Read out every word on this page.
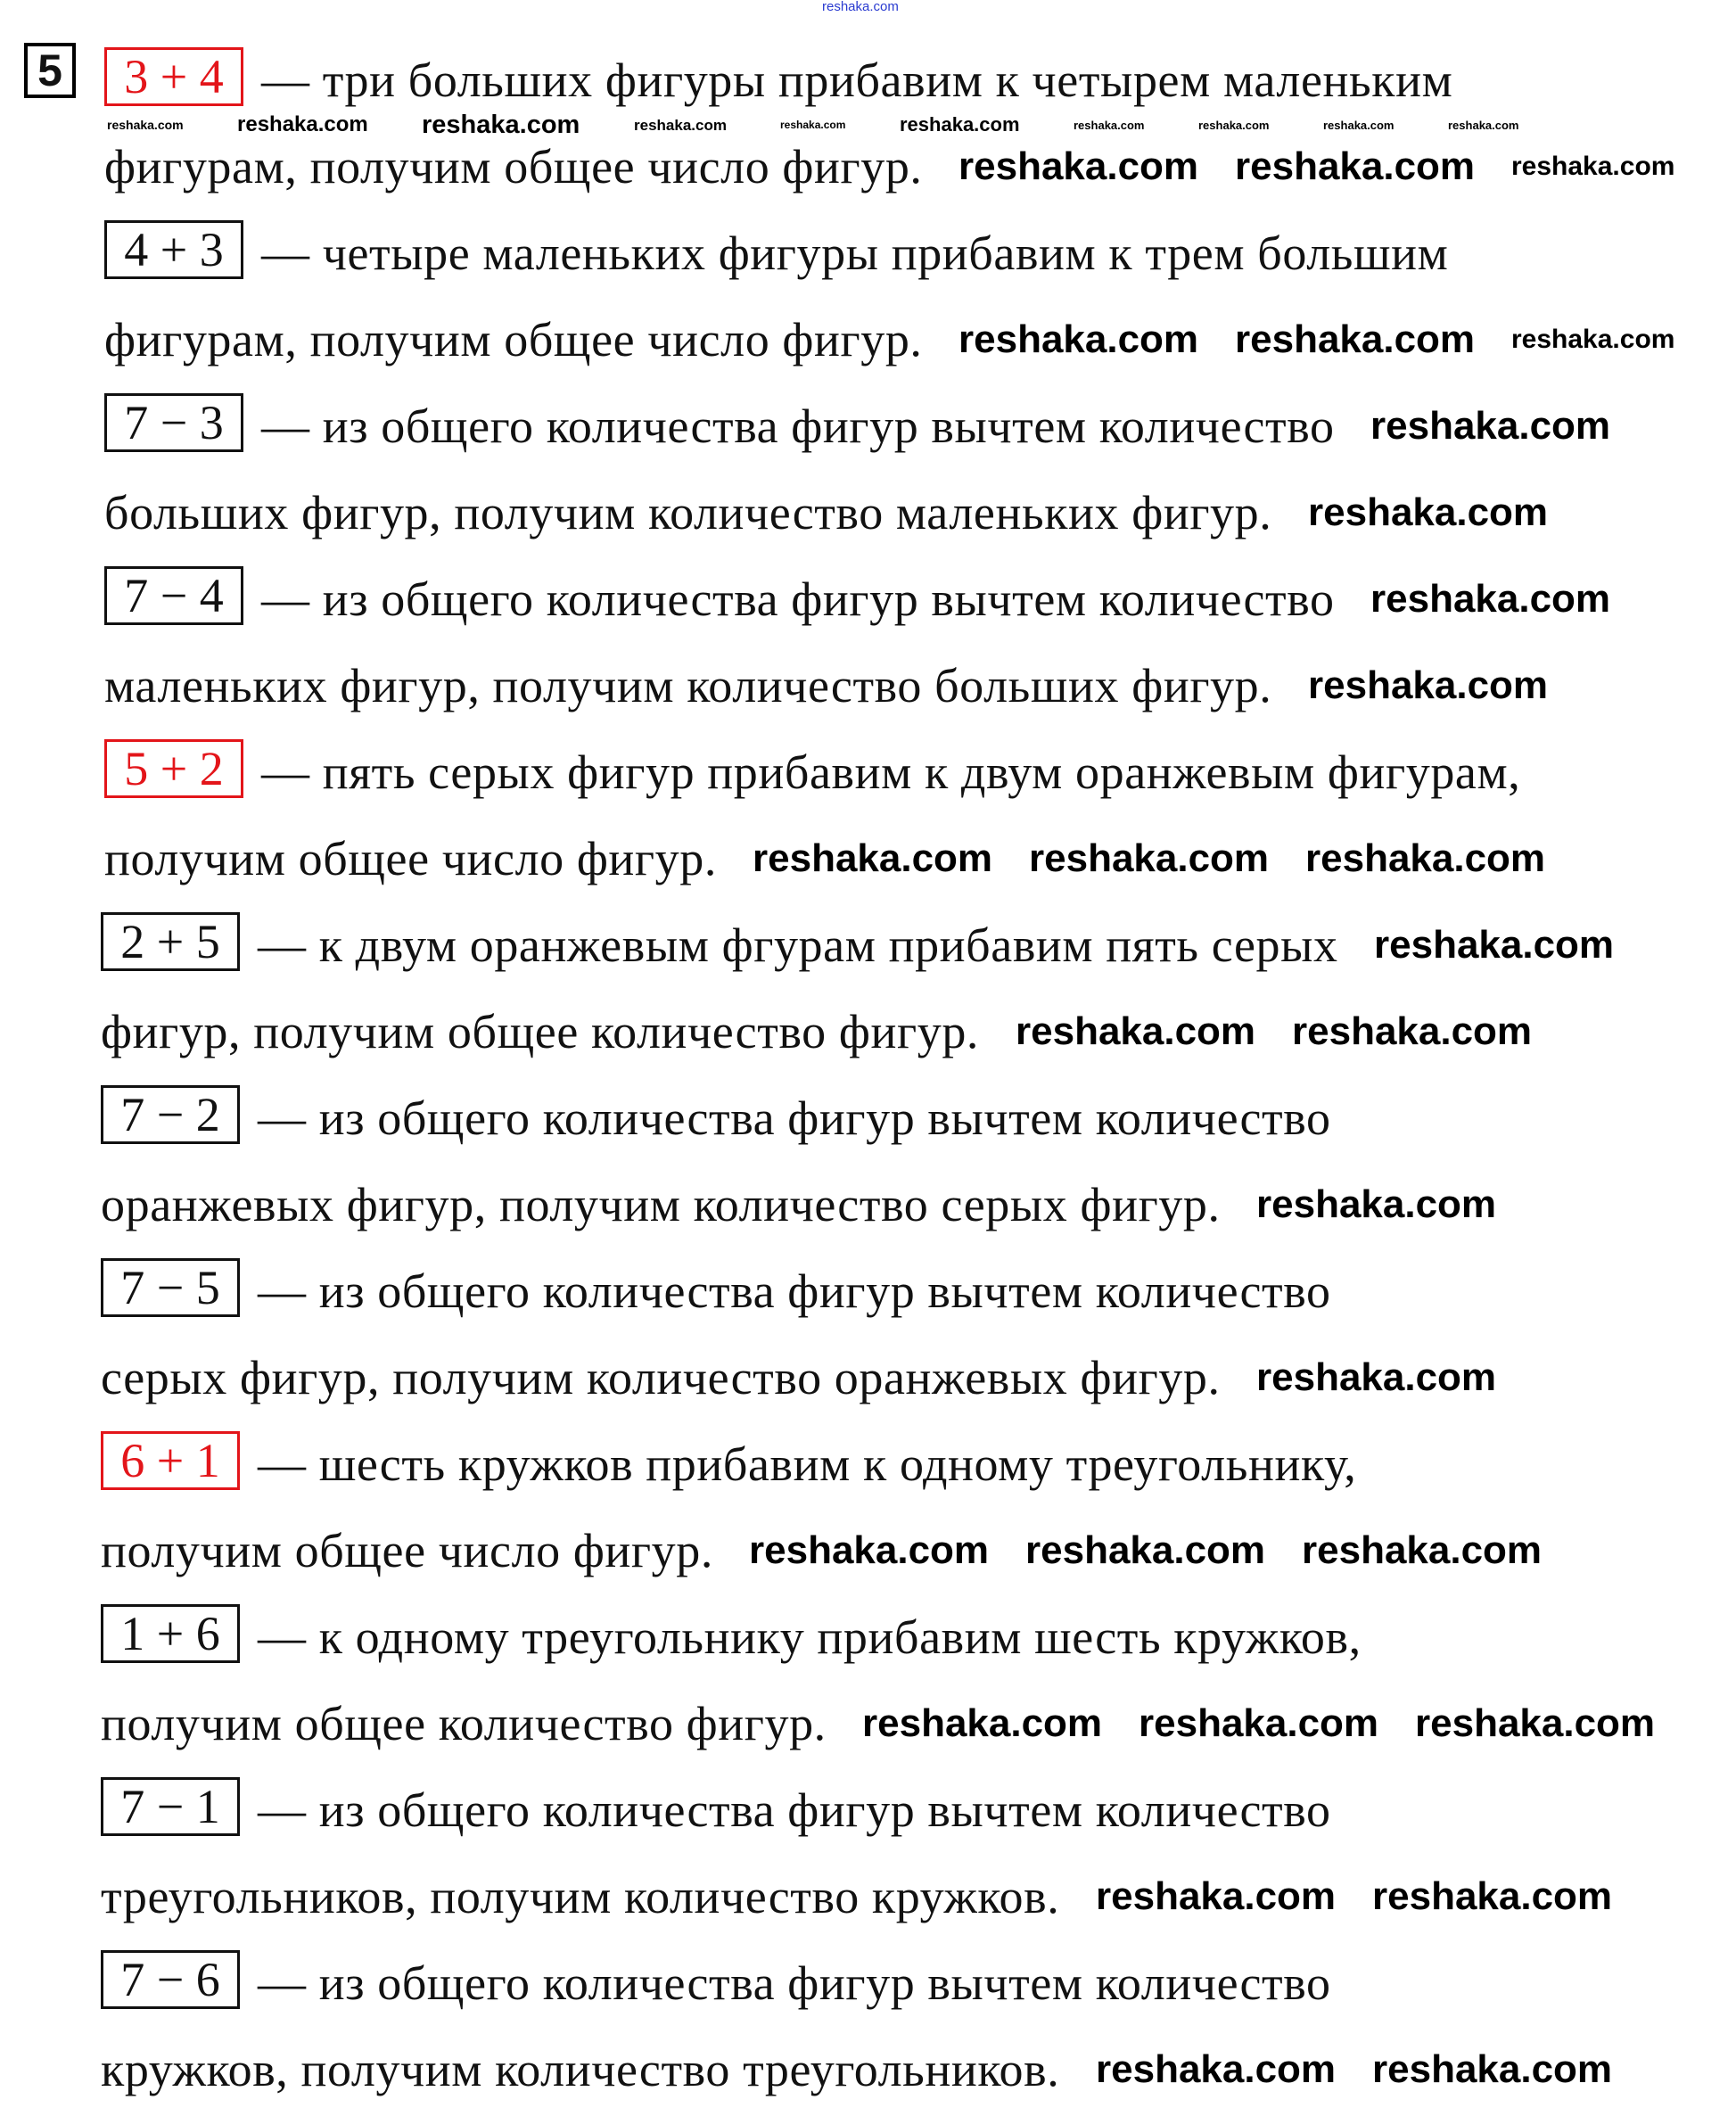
5	3 + 4 — три больших фигуры прибавим к четырем маленьким
фигурам, получим общее число фигур.
4 + 3 — четыре маленьких фигуры прибавим к трем большим
фигурам, получим общее число фигур.
7 − 3 — из общего количества фигур вычтем количество
больших фигур, получим количество маленьких фигур.
7 − 4 — из общего количества фигур вычтем количество
маленьких фигур, получим количество больших фигур.
5 + 2 — пять серых фигур прибавим к двум оранжевым фигурам,
получим общее число фигур.
2 + 5 — к двум оранжевым фгурам прибавим пять серых
фигур, получим общее количество фигур.
7 − 2 — из общего количества фигур вычтем количество
оранжевых фигур, получим количество серых фигур.
7 − 5 — из общего количества фигур вычтем количество
серых фигур, получим количество оранжевых фигур.
6 + 1 — шесть кружков прибавим к одному треугольнику,
получим общее число фигур.
1 + 6 — к одному треугольнику прибавим шесть кружков,
получим общее количество фигур.
7 − 1 — из общего количества фигур вычтем количество
треугольников, получим количество кружков.
7 − 6 — из общего количества фигур вычтем количество
кружков, получим количество треугольников.
reshaka.com
reshaka.com	reshaka.com
reshaka.com reshaka.com
reshaka.com
reshaka.com
reshaka.com
reshaka.com
reshaka.com
reshaka.com
reshaka.com
reshaka.com reshaka.com
reshaka.com
reshaka.com
reshaka.com reshaka.com
reshaka.com	reshaka.com
reshaka.com
reshaka.com
reshaka.com reshaka.com reshaka.com
reshaka.com
reshaka.com
reshaka.com reshaka.com
reshaka.com
reshaka.com	reshaka.com
reshaka.com
reshaka.com reshaka.com
reshaka.com
reshaka.com
reshaka.com
reshaka.com
